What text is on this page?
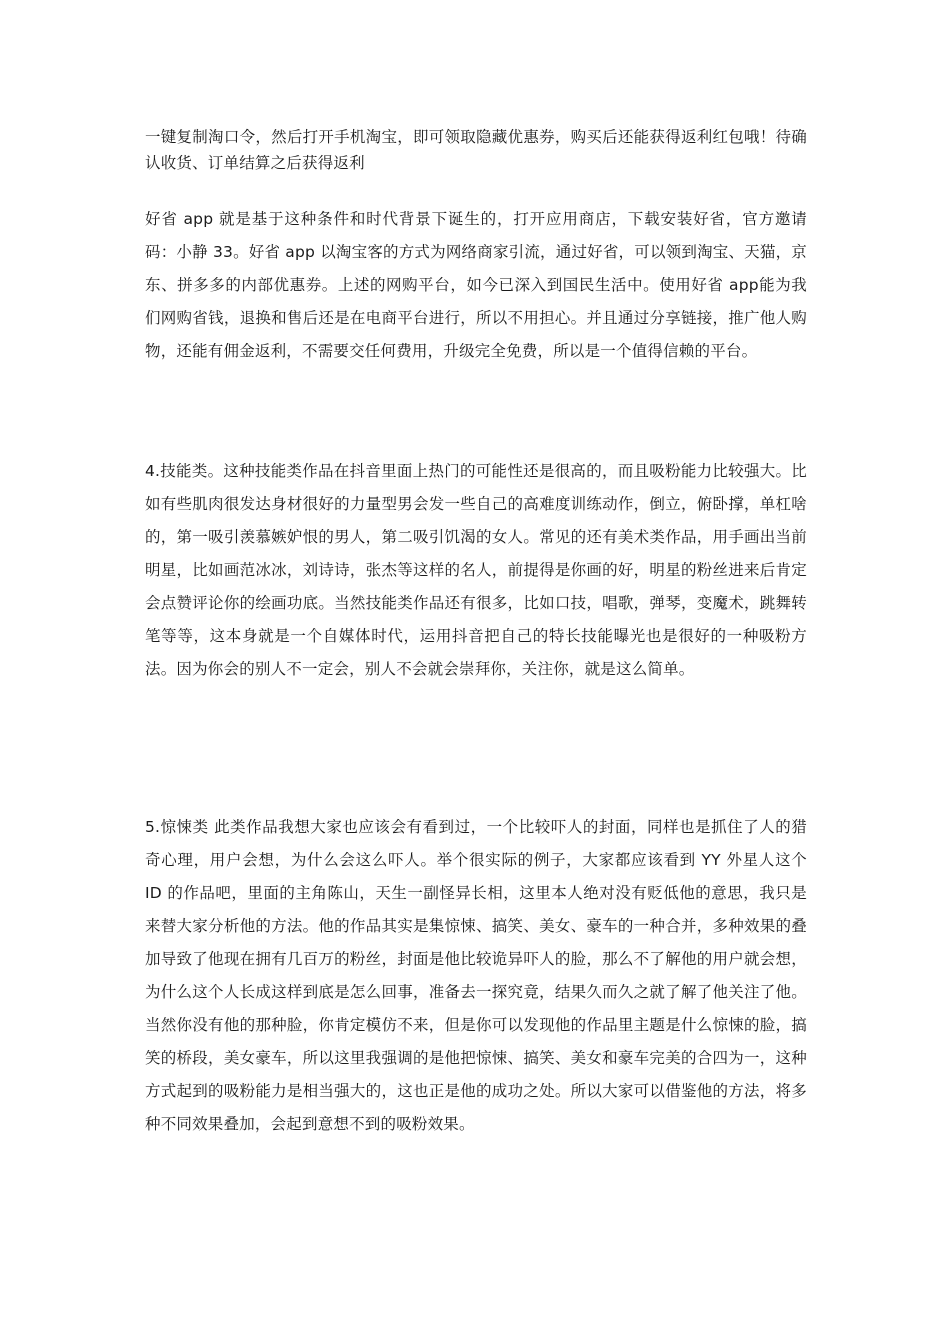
一键复制淘口令，然后打开手机淘宝，即可领取隐藏优惠券，购买后还能获得返利红包哦！待确认收货、订单结算之后获得返利

好省 app 就是基于这种条件和时代背景下诞生的，打开应用商店，下载安装好省，官方邀请码：小静 33。好省 app 以淘宝客的方式为网络商家引流，通过好省，可以领到淘宝、天猫，京东、拼多多的内部优惠券。上述的网购平台，如今已深入到国民生活中。使用好省 app能为我们网购省钱，退换和售后还是在电商平台进行，所以不用担心。并且通过分享链接，推广他人购物，还能有佣金返利，不需要交任何费用，升级完全免费，所以是一个值得信赖的平台。

4.技能类。这种技能类作品在抖音里面上热门的可能性还是很高的，而且吸粉能力比较强大。比如有些肌肉很发达身材很好的力量型男会发一些自己的高难度训练动作，倒立，俯卧撑，单杠啥的，第一吸引羡慕嫉妒恨的男人，第二吸引饥渴的女人。常见的还有美术类作品，用手画出当前明星，比如画范冰冰，刘诗诗，张杰等这样的名人，前提得是你画的好，明星的粉丝进来后肯定会点赞评论你的绘画功底。当然技能类作品还有很多，比如口技，唱歌，弹琴，变魔术，跳舞转笔等等，这本身就是一个自媒体时代，运用抖音把自己的特长技能曝光也是很好的一种吸粉方法。因为你会的别人不一定会，别人不会就会崇拜你，关注你，就是这么简单。

5.惊悚类 此类作品我想大家也应该会有看到过，一个比较吓人的封面，同样也是抓住了人的猎奇心理，用户会想，为什么会这么吓人。举个很实际的例子，大家都应该看到 YY 外星人这个 ID 的作品吧，里面的主角陈山，天生一副怪异长相，这里本人绝对没有贬低他的意思，我只是来替大家分析他的方法。他的作品其实是集惊悚、搞笑、美女、豪车的一种合并，多种效果的叠加导致了他现在拥有几百万的粉丝，封面是他比较诡异吓人的脸，那么不了解他的用户就会想，为什么这个人长成这样到底是怎么回事，准备去一探究竟，结果久而久之就了解了他关注了他。当然你没有他的那种脸，你肯定模仿不来，但是你可以发现他的作品里主题是什么惊悚的脸，搞笑的桥段，美女豪车，所以这里我强调的是他把惊悚、搞笑、美女和豪车完美的合四为一，这种方式起到的吸粉能力是相当强大的，这也正是他的成功之处。所以大家可以借鉴他的方法，将多种不同效果叠加，会起到意想不到的吸粉效果。
